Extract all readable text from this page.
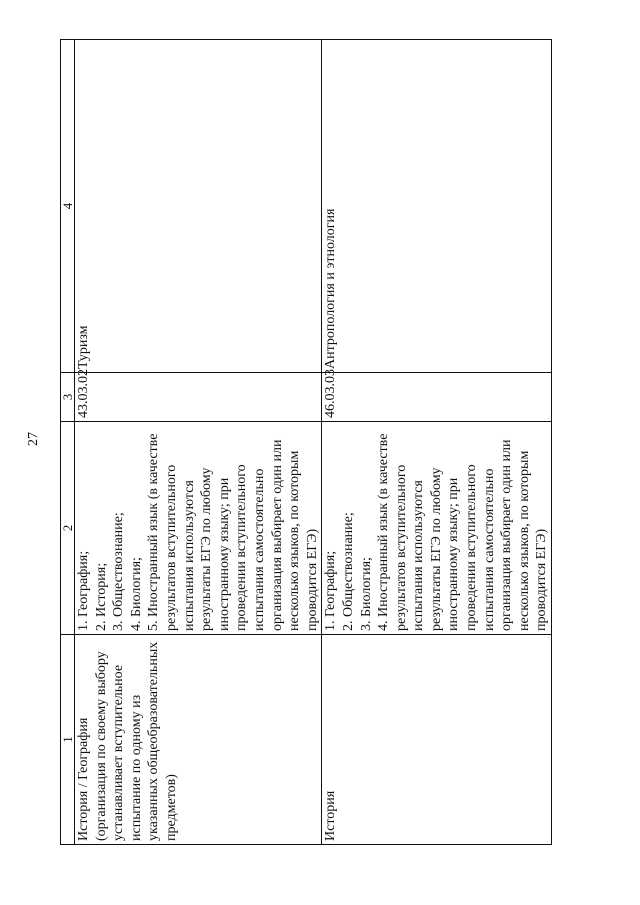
27
1	2	3	4
История / География (организация по своему выбору устанавливает вступительное испытание по одному из указанных общеобразовательных предметов)	1. География; 2. История; 3. Обществознание; 4. Биология; 5. Иностранный язык (в качестве результатов вступительного испытания используются результаты ЕГЭ по любому иностранному языку; при проведении вступительного испытания самостоятельно организация выбирает один или несколько языков, по которым проводится ЕГЭ)	43.03.02	Туризм
История	1. География; 2. Обществознание; 3. Биология; 4. Иностранный язык (в качестве результатов вступительного испытания используются результаты ЕГЭ по любому иностранному языку; при проведении вступительного испытания самостоятельно организация выбирает один или несколько языков, по которым проводится ЕГЭ)	46.03.03	Антропология и этнология
